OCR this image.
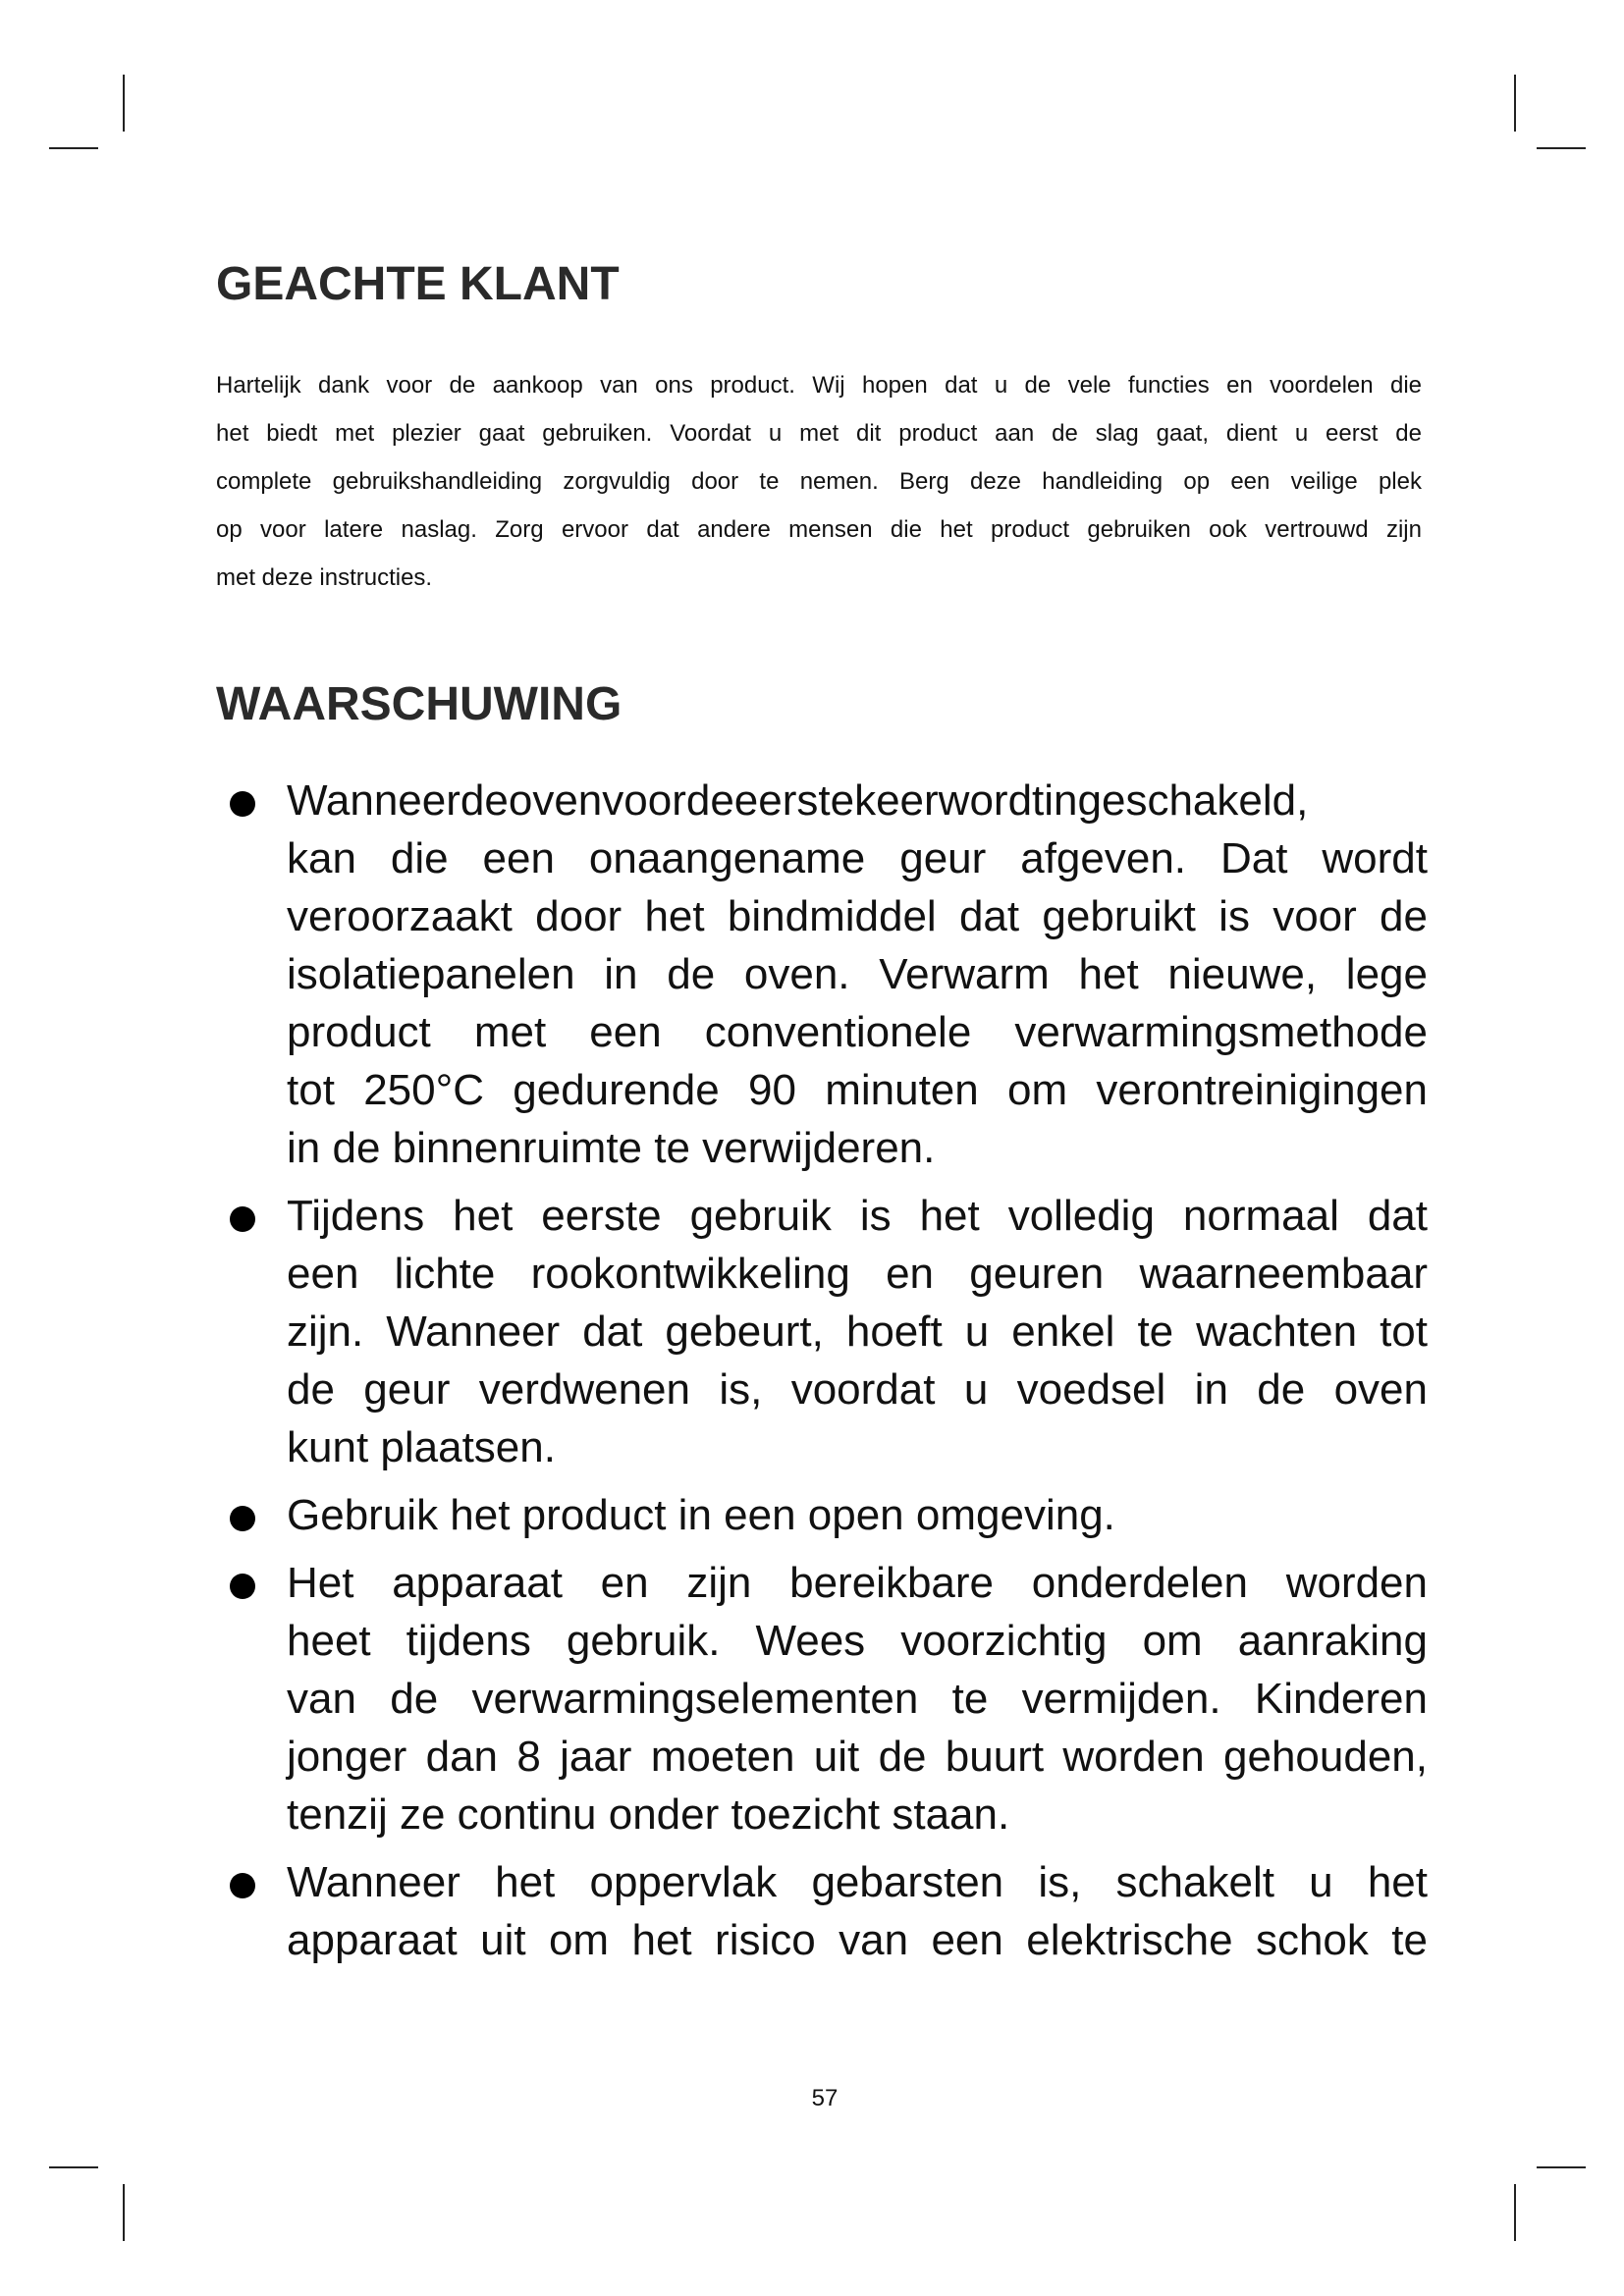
GEACHTE KLANT
Hartelijk dank voor de aankoop van ons product. Wij hopen dat u de vele functies en voordelen die
het biedt met plezier gaat gebruiken. Voordat u met dit product aan de slag gaat, dient u eerst de
complete gebruikshandleiding zorgvuldig door te nemen. Berg deze handleiding op een veilige plek
op voor latere naslag. Zorg ervoor dat andere mensen die het product gebruiken ook vertrouwd zijn
met deze instructies.
WAARSCHUWING
Wanneerdeovenvoordeeerstekeerwordtingeschakeld,
kan die een onaangename geur afgeven. Dat wordt
veroorzaakt door het bindmiddel dat gebruikt is voor de
isolatiepanelen in de oven. Verwarm het nieuwe, lege
product met een conventionele verwarmingsmethode
tot 250°C gedurende 90 minuten om verontreinigingen
in de binnenruimte te verwijderen.
Tijdens het eerste gebruik is het volledig normaal dat
een lichte rookontwikkeling en geuren waarneembaar
zijn. Wanneer dat gebeurt, hoeft u enkel te wachten tot
de geur verdwenen is, voordat u voedsel in de oven
kunt plaatsen.
Gebruik het product in een open omgeving.
Het apparaat en zijn bereikbare onderdelen worden
heet tijdens gebruik. Wees voorzichtig om aanraking
van de verwarmingselementen te vermijden. Kinderen
jonger dan 8 jaar moeten uit de buurt worden gehouden,
tenzij ze continu onder toezicht staan.
Wanneer het oppervlak gebarsten is, schakelt u het
apparaat uit om het risico van een elektrische schok te
57
